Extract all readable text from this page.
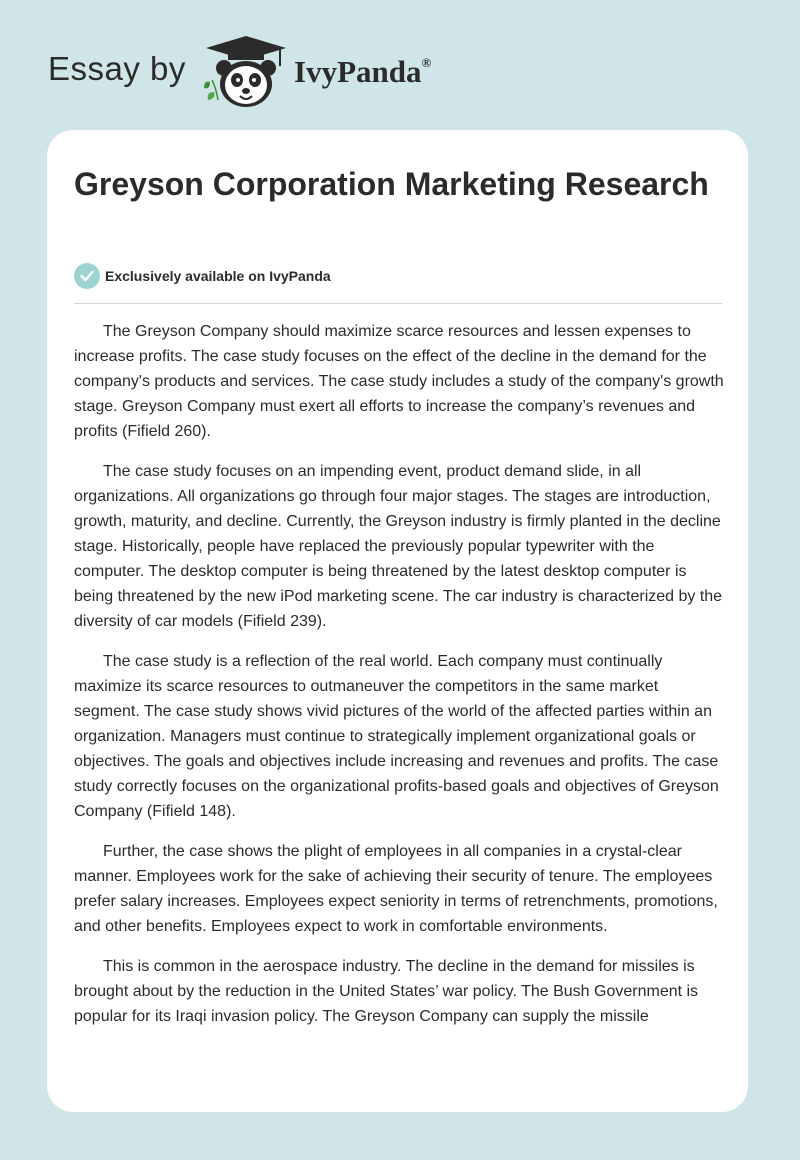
Essay by	IvyPanda®
Greyson Corporation Marketing Research
Exclusively available on IvyPanda

The Greyson Company should maximize scarce resources and lessen expenses to increase profits. The case study focuses on the effect of the decline in the demand for the company's products and services. The case study includes a study of the company's growth stage. Greyson Company must exert all efforts to increase the company’s revenues and profits (Fifield 260).

The case study focuses on an impending event, product demand slide, in all organizations. All organizations go through four major stages. The stages are introduction, growth, maturity, and decline. Currently, the Greyson industry is firmly planted in the decline stage. Historically, people have replaced the previously popular typewriter with the computer. The desktop computer is being threatened by the latest desktop computer is being threatened by the new iPod marketing scene. The car industry is characterized by the diversity of car models (Fifield 239).

The case study is a reflection of the real world. Each company must continually maximize its scarce resources to outmaneuver the competitors in the same market segment. The case study shows vivid pictures of the world of the affected parties within an organization. Managers must continue to strategically implement organizational goals or objectives. The goals and objectives include increasing and revenues and profits. The case study correctly focuses on the organizational profits-based goals and objectives of Greyson Company (Fifield 148).

Further, the case shows the plight of employees in all companies in a crystal-clear manner. Employees work for the sake of achieving their security of tenure. The employees prefer salary increases. Employees expect seniority in terms of retrenchments, promotions, and other benefits. Employees expect to work in comfortable environments.

This is common in the aerospace industry. The decline in the demand for missiles is brought about by the reduction in the United States’ war policy. The Bush Government is popular for its Iraqi invasion policy. The Greyson Company can supply the missile
